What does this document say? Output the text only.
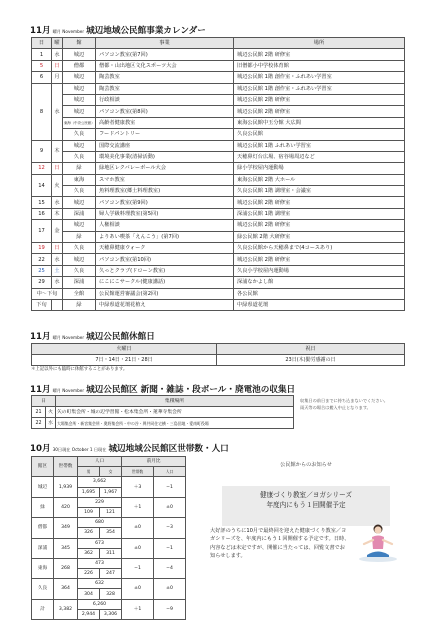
11月 曜月 November 城辺地域公民館事業カレンダー
日	曜	館	事業	場所
1	水	城辺	パソコン教室(第7回)	城辺公民館 2階 研修室
5	日	僧都	僧都・山出地区文化スポーツ大会	旧僧都小中学校体育館
6	月	城辺	陶芸教室	城辺公民館 1階 創作室・ふれあい学習室
8	水	城辺	陶芸教室	城辺公民館 1階 創作室・ふれあい学習室
		城辺	行政相談	城辺公民館 2階 研修室
		城辺	パソコン教室(第8回)	城辺公民館 2階 研修室
		東海（中央公民館）	高齢者健康教室	東海公民館中玉分館 大広間
		久良	フードパントリー	久良公民館
9	木	城辺	国際交流講座	城辺公民館 1階 ふれあい学習室
		久良	環境美化事業(清掃活動)	天穂鼻灯台広場、宿谷場周辺など
12	日	緑	緑地区レクバレーボール大会	緑小学校屋内運動場
14	火	東海	スマホ教室	東海公民館 2階 大ホール
		久良	魚料理教室(郷土料理教室)	久良公民館 1階 調理室・会議室
15	水	城辺	パソコン教室(第9回)	城辺公民館 2階 研修室
16	木	深浦	婦人学級料理教室(第5回)	深浦公民館 1階 調理室
17	金	城辺	人権相談	城辺公民館 2階 研修室
		緑	よりあい喫茶「えんこう」(第7回)	緑公民館 2階 大研修室
19	日	久良	天穂鼻健康ウォーク	久良公民館から天穂鼻まで(4コースあり)
22	水	城辺	パソコン教室(第10回)	城辺公民館 2階 研修室
25	土	久良	久っとクラブ(ドローン教室)	久良小学校屋内運動場
29	水	深浦	にこにこサークル(健康講話)	深浦なかよし館
中～下旬		全館	公民館運営審議会(第2回)	各公民館
下旬		緑	中緑県道花壇花植え	中緑県道花壇
11月 曜月 November 城辺公民館休館日
火曜日	祝日
7日・14日・21日・28日	23日(木)勤労感謝の日
＊上記以外にも臨時に休館することがあります。
11月 曜月 November 城辺公民館区 新聞・雑誌・段ボール・廃電池の収集日
日		集積場所
21	火	矢の町集会所・城の辺学習館・松本集会所・蓮華寺集会所
22	水	大場集会所・新宮集会所・奥野集会所・中の谷・鼻共同住宅横・三島団地・愛南町役場
収集日の前日までに持ち込まないでください。
雨天等の場合は搬入中止となります。
10月 30日現在 October 1 日現在 城辺地域公民館区世帯数・人口
館区	世帯数	人口		前月比	
		男	女	世帯数	人口
城辺	1,939	3,662		＋3	−1
		1,695	1,967		
緑	420	229		＋1	±0
		109	121		
僧都	349	680		±0	−3
		326	354		
深浦	345	673		±0	−1
		362	311		
東海	268	473		−1	−4
		226	247		
久良	364	632		±0	±0
		304	328		
計	3,382	6,260		＋1	−9
		2,944	3,306		
公民館からのお知らせ
健康づくり教室／ヨガシリーズ
年度内にもう１回開催予定
大好評のうちに10月で最終回を迎えた健康づくり教室／ヨガシリーズを、年度内にもう１回開催する予定です。日時、内容などは未定ですが、開催に当たっては、回覧文書でお知らせします。
